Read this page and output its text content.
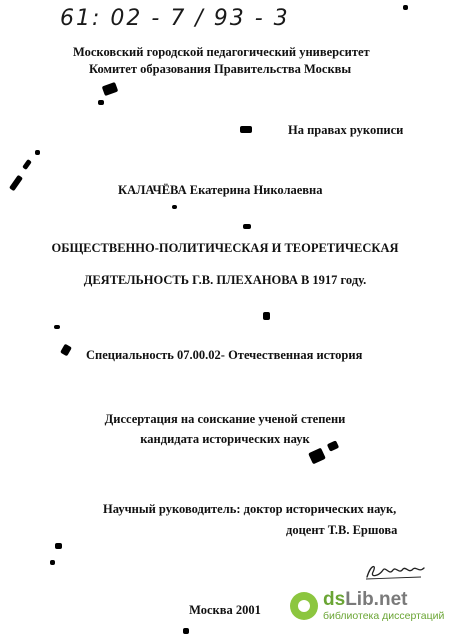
61: 02 - 7 / 93 - 3
Московский городской педагогический университет
Комитет образования Правительства Москвы
На правах рукописи
КАЛАЧЁВА Екатерина Николаевна
ОБЩЕСТВЕННО-ПОЛИТИЧЕСКАЯ И ТЕОРЕТИЧЕСКАЯ
ДЕЯТЕЛЬНОСТЬ Г.В. ПЛЕХАНОВА В 1917 году.
Специальность 07.00.02- Отечественная история
Диссертация на соискание ученой степени
кандидата исторических наук
Научный руководитель: доктор исторических наук,
доцент Т.В. Ершова
Москва 2001	dsLib.net
библиотека диссертаций
